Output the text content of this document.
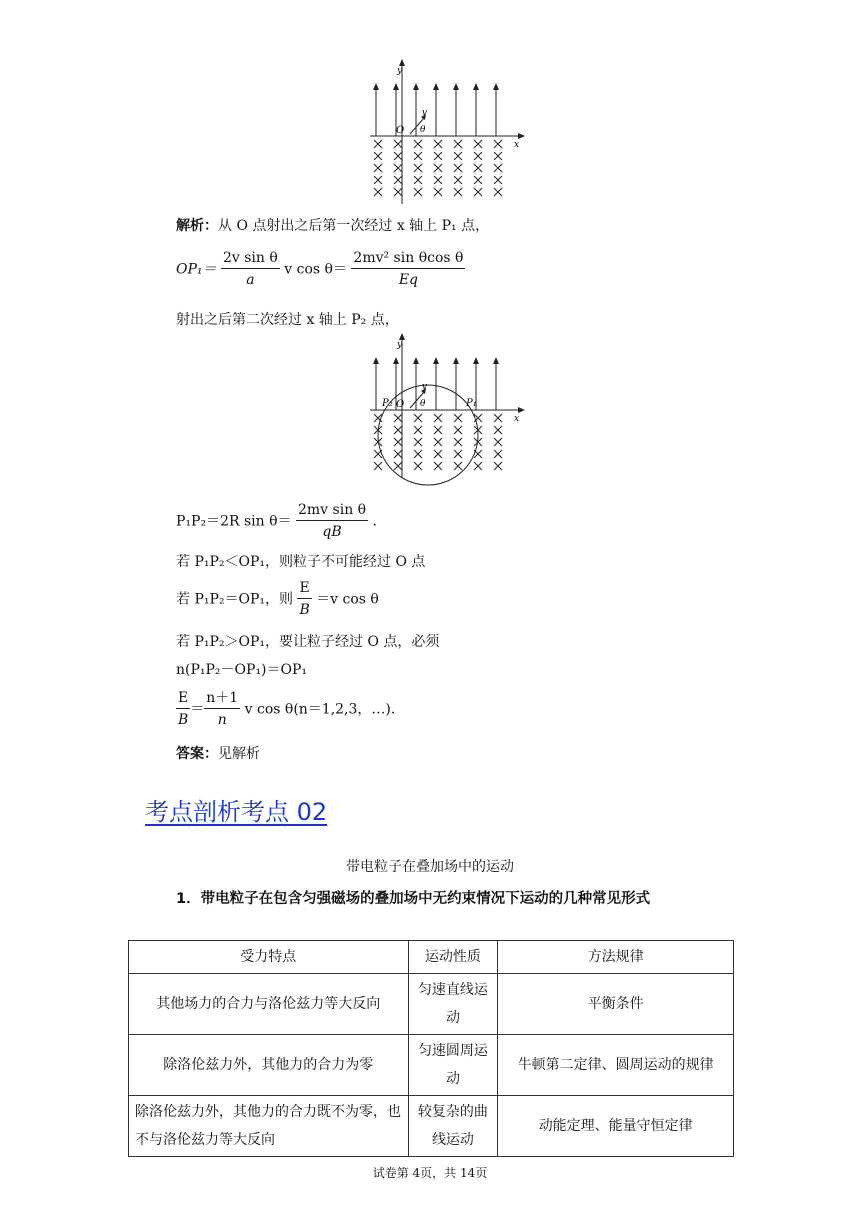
y
x
O
v
θ
y
x
O
v
θ
P₂	P₁
解析：从 O 点射出之后第一次经过 x 轴上 P₁ 点，
$OP_1= \frac{\text{2v sin θ}}{a}$ v $\cos \theta= \frac{\text{2mv² sin θcos θ}}{Eq}$
射出之后第二次经过 x 轴上 P₂ 点，
P₁P₂＝2R $\sin \theta= \frac{\text{2mv sin θ}}{qB}$ .
若 P₁P₂＜OP₁，则粒子不可能经过 O 点
若 P₁P₂＝OP₁，则 $\frac{E}{B} =v$ cos θ
若 P₁P₂＞OP₁，要让粒子经过 O 点，必须
n(P₁P₂－OP₁)＝OP₁
$\frac{E}{B} = \frac{n+1}{n}$ v cos θ(n＝1,2,3，…).
答案：见解析
考点剖析考点 02
带电粒子在叠加场中的运动
1．带电粒子在包含匀强磁场的叠加场中无约束情况下运动的几种常见形式
受力特点	运动性质	方法规律
其他场力的合力与洛伦兹力等大反向	匀速直线运动	平衡条件
除洛伦兹力外，其他力的合力为零	匀速圆周运动	牛顿第二定律、圆周运动的规律
除洛伦兹力外，其他力的合力既不为零，也不与洛伦兹力等大反向	较复杂的曲线运动	动能定理、能量守恒定律
试卷第 4页，共 14页
